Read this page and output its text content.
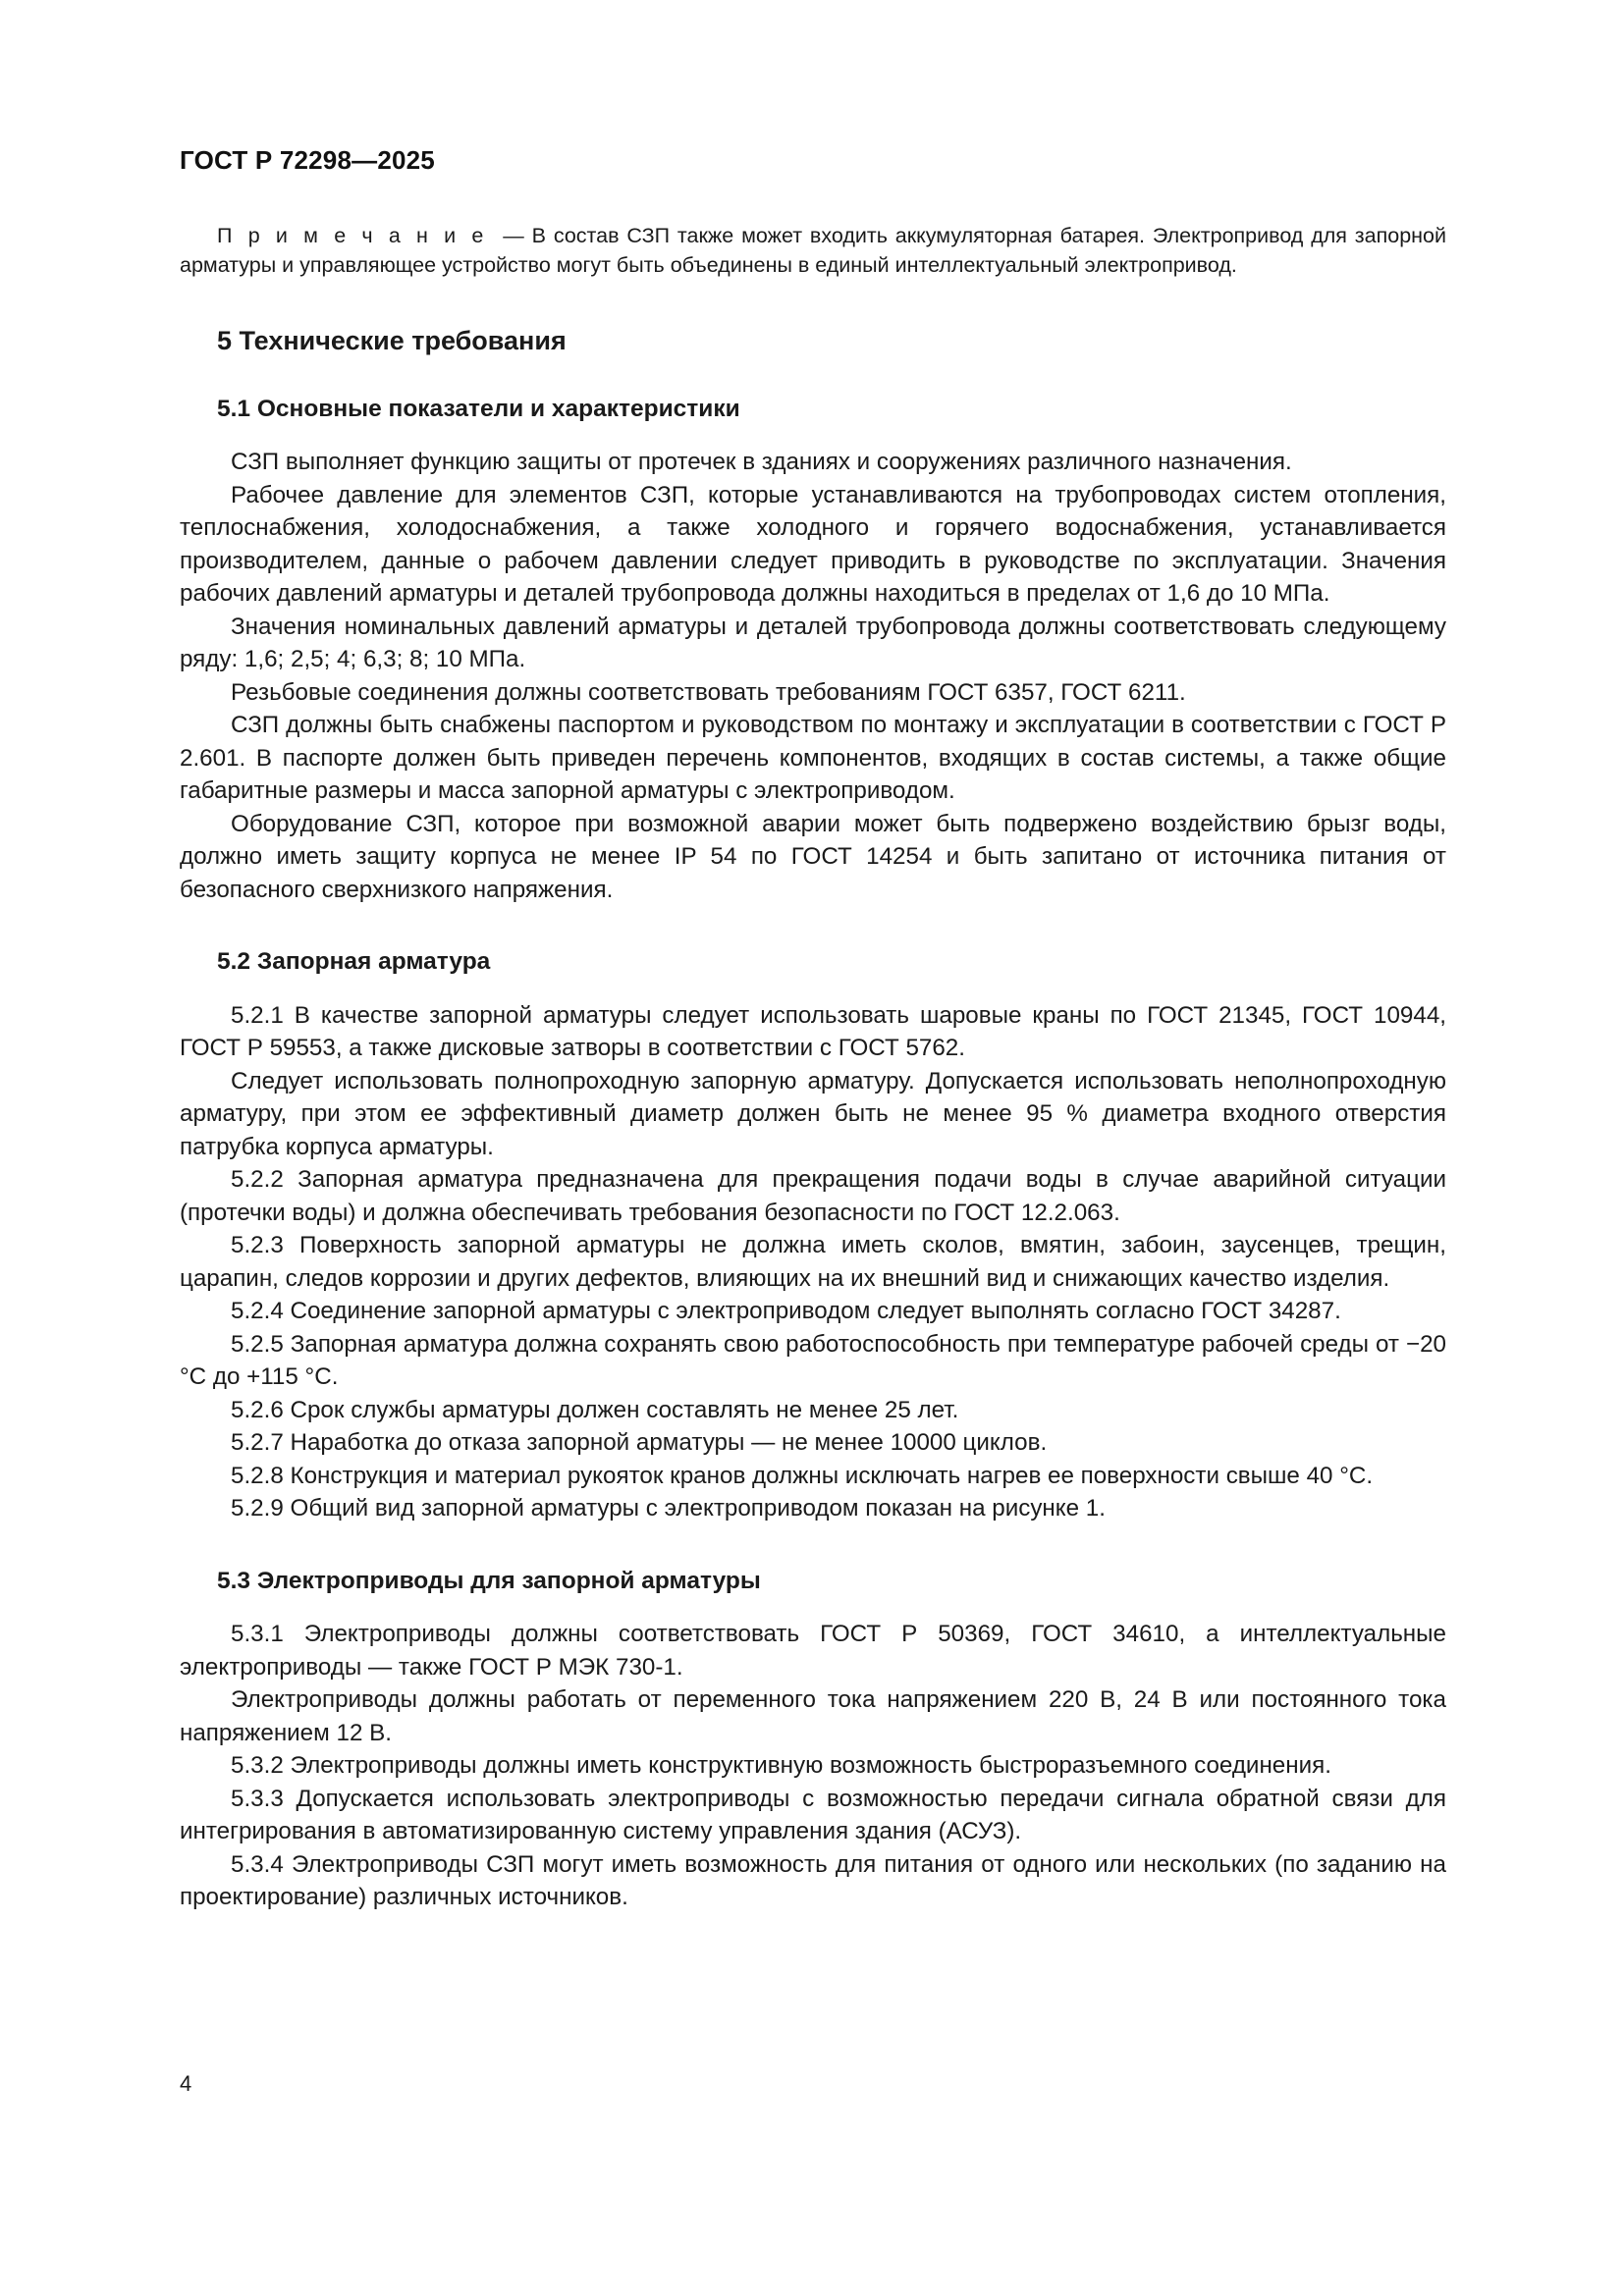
ГОСТ Р 72298—2025

П р и м е ч а н и е  — В состав СЗП также может входить аккумуляторная батарея. Электропривод для запорной арматуры и управляющее устройство могут быть объединены в единый интеллектуальный электропривод.

5 Технические требования
5.1 Основные показатели и характеристики

СЗП выполняет функцию защиты от протечек в зданиях и сооружениях различного назначения.

Рабочее давление для элементов СЗП, которые устанавливаются на трубопроводах систем отопления, теплоснабжения, холодоснабжения, а также холодного и горячего водоснабжения, устанавливается производителем, данные о рабочем давлении следует приводить в руководстве по эксплуатации. Значения рабочих давлений арматуры и деталей трубопровода должны находиться в пределах от 1,6 до 10 МПа.

Значения номинальных давлений арматуры и деталей трубопровода должны соответствовать следующему ряду: 1,6; 2,5; 4; 6,3; 8; 10 МПа.

Резьбовые соединения должны соответствовать требованиям ГОСТ 6357, ГОСТ 6211.

СЗП должны быть снабжены паспортом и руководством по монтажу и эксплуатации в соответствии с ГОСТ Р 2.601. В паспорте должен быть приведен перечень компонентов, входящих в состав системы, а также общие габаритные размеры и масса запорной арматуры с электроприводом.

Оборудование СЗП, которое при возможной аварии может быть подвержено воздействию брызг воды, должно иметь защиту корпуса не менее IP 54 по ГОСТ 14254 и быть запитано от источника питания от безопасного сверхнизкого напряжения.

5.2 Запорная арматура

5.2.1 В качестве запорной арматуры следует использовать шаровые краны по ГОСТ 21345, ГОСТ 10944, ГОСТ Р 59553, а также дисковые затворы в соответствии с ГОСТ 5762.

Следует использовать полнопроходную запорную арматуру. Допускается использовать неполнопроходную арматуру, при этом ее эффективный диаметр должен быть не менее 95 % диаметра входного отверстия патрубка корпуса арматуры.

5.2.2 Запорная арматура предназначена для прекращения подачи воды в случае аварийной ситуации (протечки воды) и должна обеспечивать требования безопасности по ГОСТ 12.2.063.

5.2.3 Поверхность запорной арматуры не должна иметь сколов, вмятин, забоин, заусенцев, трещин, царапин, следов коррозии и других дефектов, влияющих на их внешний вид и снижающих качество изделия.

5.2.4 Соединение запорной арматуры с электроприводом следует выполнять согласно ГОСТ 34287.

5.2.5 Запорная арматура должна сохранять свою работоспособность при температуре рабочей среды от −20 °С до +115 °С.

5.2.6 Срок службы арматуры должен составлять не менее 25 лет.

5.2.7 Наработка до отказа запорной арматуры — не менее 10000 циклов.

5.2.8 Конструкция и материал рукояток кранов должны исключать нагрев ее поверхности свыше 40 °С.

5.2.9 Общий вид запорной арматуры с электроприводом показан на рисунке 1.

5.3 Электроприводы для запорной арматуры

5.3.1 Электроприводы должны соответствовать ГОСТ Р 50369, ГОСТ 34610, а интеллектуальные электроприводы — также ГОСТ Р МЭК 730-1.

Электроприводы должны работать от переменного тока напряжением 220 В, 24 В или постоянного тока напряжением 12 В.

5.3.2 Электроприводы должны иметь конструктивную возможность быстроразъемного соединения.

5.3.3 Допускается использовать электроприводы с возможностью передачи сигнала обратной связи для интегрирования в автоматизированную систему управления здания (АСУЗ).

5.3.4 Электроприводы СЗП могут иметь возможность для питания от одного или нескольких (по заданию на проектирование) различных источников.

4
